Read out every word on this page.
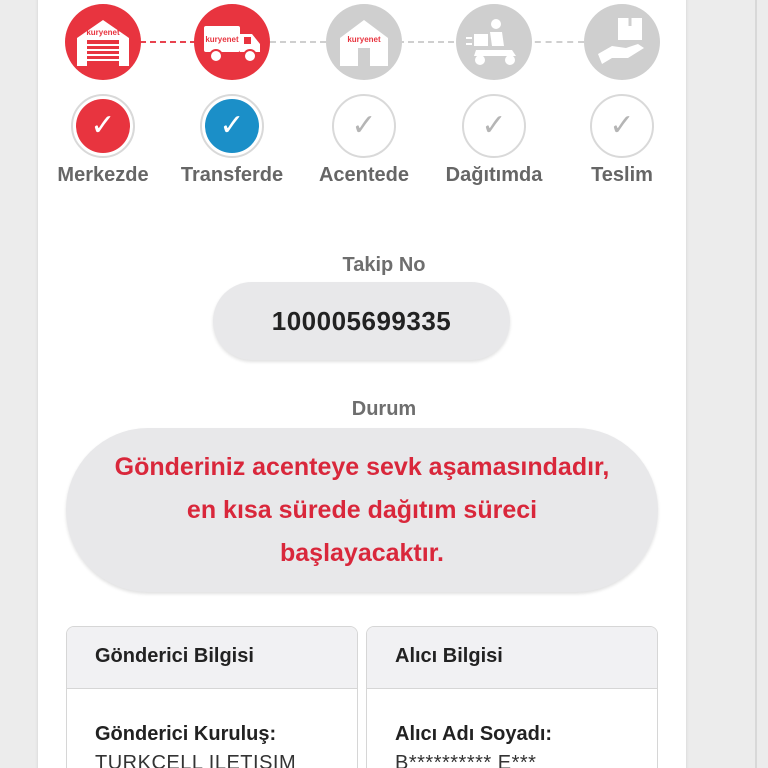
kuryenet
✓
Merkezde
kuryenet
✓
Transferde
kuryenet
✓
Acentede
✓
Dağıtımda
✓
Teslim
Takip No
100005699335
Durum
Gönderiniz acenteye sevk aşamasındadır, en kısa sürede dağıtım süreci başlayacaktır.
Gönderici Bilgisi
Gönderici Kuruluş:
TURKCELL ILETISIM
Alıcı Bilgisi
Alıcı Adı Soyadı:
B********** E***
